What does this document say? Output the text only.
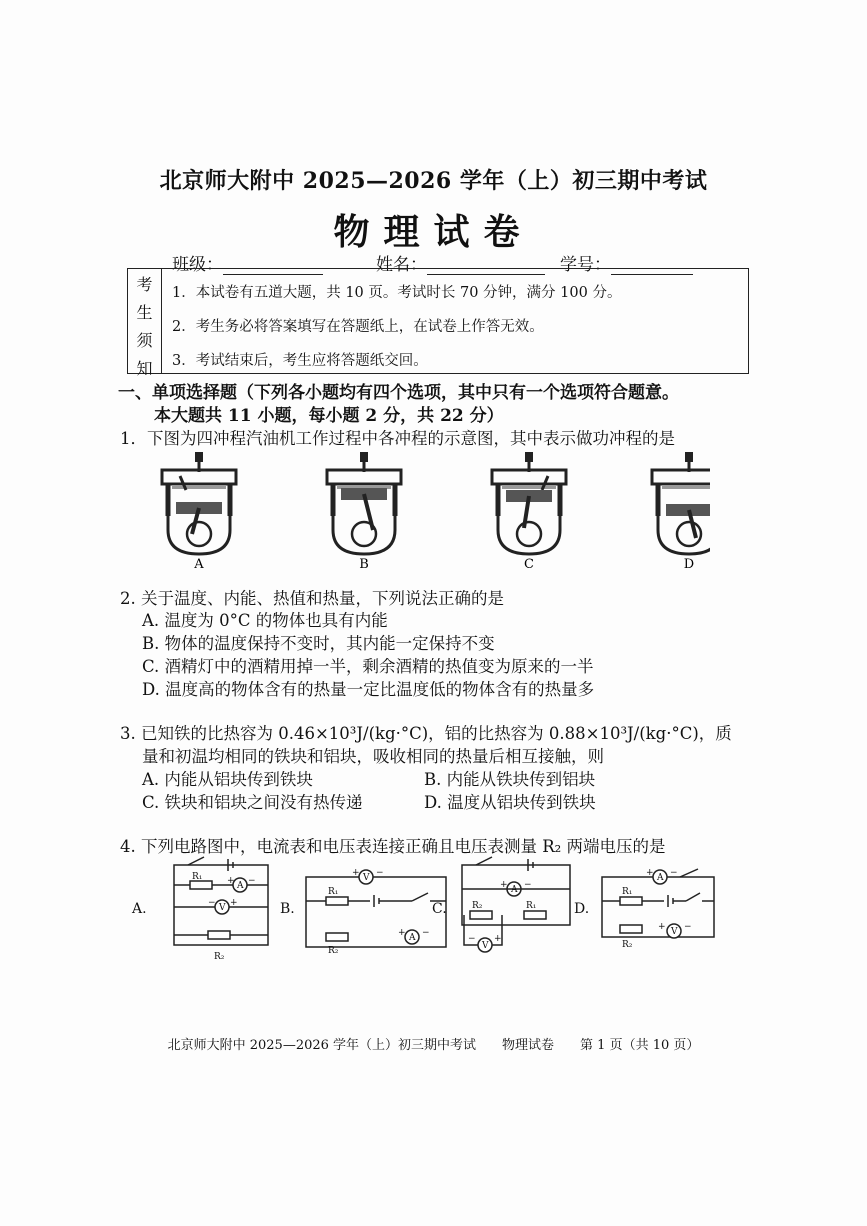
北京师大附中 2025—2026 学年（上）初三期中考试
物理试卷
班级：	姓名：	学号：
考
生
须
知
1．本试卷有五道大题，共 10 页。考试时长 70 分钟，满分 100 分。
2．考生务必将答案填写在答题纸上，在试卷上作答无效。
3．考试结束后，考生应将答题纸交回。
一、单项选择题（下列各小题均有四个选项，其中只有一个选项符合题意。
本大题共 11 小题，每小题 2 分，共 22 分）
1．下图为四冲程汽油机工作过程中各冲程的示意图，其中表示做功冲程的是
A	B	C	D
2. 关于温度、内能、热值和热量，下列说法正确的是
A. 温度为 0°C 的物体也具有内能
B. 物体的温度保持不变时，其内能一定保持不变
C. 酒精灯中的酒精用掉一半，剩余酒精的热值变为原来的一半
D. 温度高的物体含有的热量一定比温度低的物体含有的热量多
3. 已知铁的比热容为 0.46×10³J/(kg·°C)，铝的比热容为 0.88×10³J/(kg·°C)，质
量和初温均相同的铁块和铝块，吸收相同的热量后相互接触，则
A. 内能从铝块传到铁块	B. 内能从铁块传到铝块
C. 铁块和铝块之间没有热传递	D. 温度从铝块传到铁块
4. 下列电路图中，电流表和电压表连接正确且电压表测量 R₂ 两端电压的是
A.
R₁
R₂
A
V
+ −
+
−	B.
R₁
R₂
V
A
+ −
+ −
C.
A
R₂	R₁
V
+ −
+
−
D.
R₁
R₂
A
V
+ −
+ −
北京师大附中 2025—2026 学年（上）初三期中考试　　物理试卷　　第 1 页（共 10 页）
